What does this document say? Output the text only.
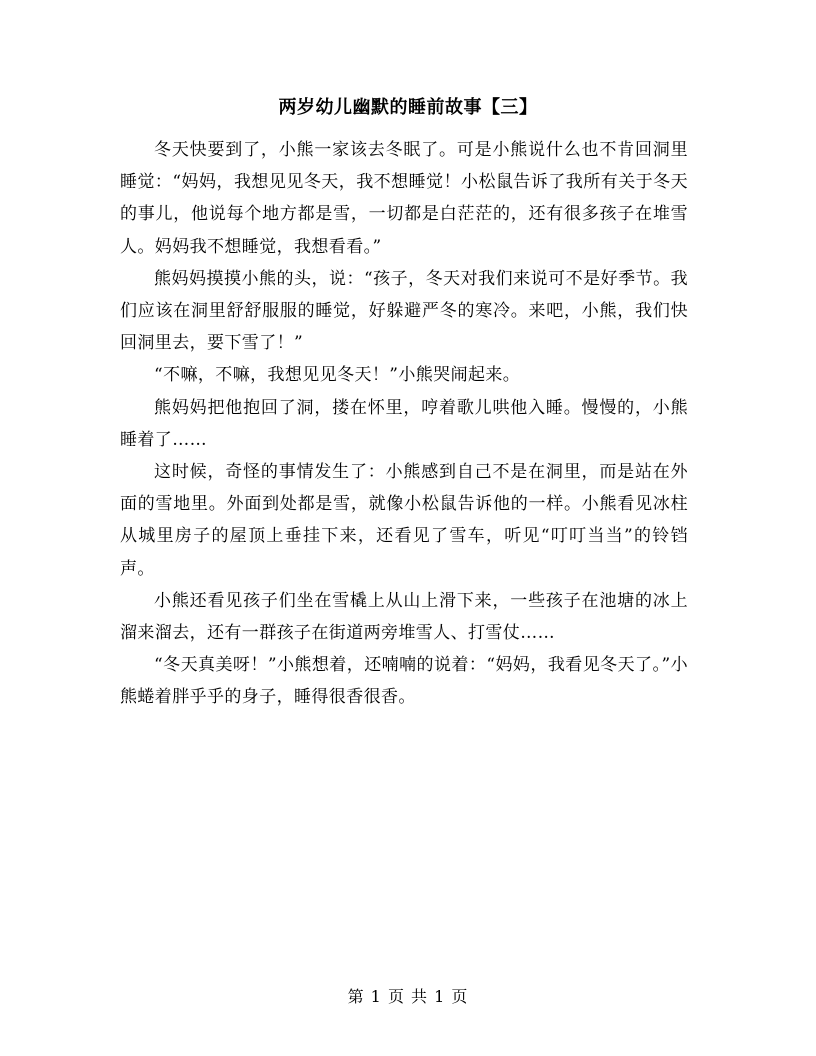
两岁幼儿幽默的睡前故事【三】

冬天快要到了，小熊一家该去冬眠了。可是小熊说什么也不肯回洞里睡觉：“妈妈，我想见见冬天，我不想睡觉！小松鼠告诉了我所有关于冬天的事儿，他说每个地方都是雪，一切都是白茫茫的，还有很多孩子在堆雪人。妈妈我不想睡觉，我想看看。”

熊妈妈摸摸小熊的头，说：“孩子，冬天对我们来说可不是好季节。我们应该在洞里舒舒服服的睡觉，好躲避严冬的寒冷。来吧，小熊，我们快回洞里去，要下雪了！”

“不嘛，不嘛，我想见见冬天！”小熊哭闹起来。

熊妈妈把他抱回了洞，搂在怀里，哼着歌儿哄他入睡。慢慢的，小熊睡着了……

这时候，奇怪的事情发生了：小熊感到自己不是在洞里，而是站在外面的雪地里。外面到处都是雪，就像小松鼠告诉他的一样。小熊看见冰柱从城里房子的屋顶上垂挂下来，还看见了雪车，听见“叮叮当当”的铃铛声。

小熊还看见孩子们坐在雪橇上从山上滑下来，一些孩子在池塘的冰上溜来溜去，还有一群孩子在街道两旁堆雪人、打雪仗……

“冬天真美呀！”小熊想着，还喃喃的说着：“妈妈，我看见冬天了。”小熊蜷着胖乎乎的身子，睡得很香很香。

第 1 页 共 1 页
